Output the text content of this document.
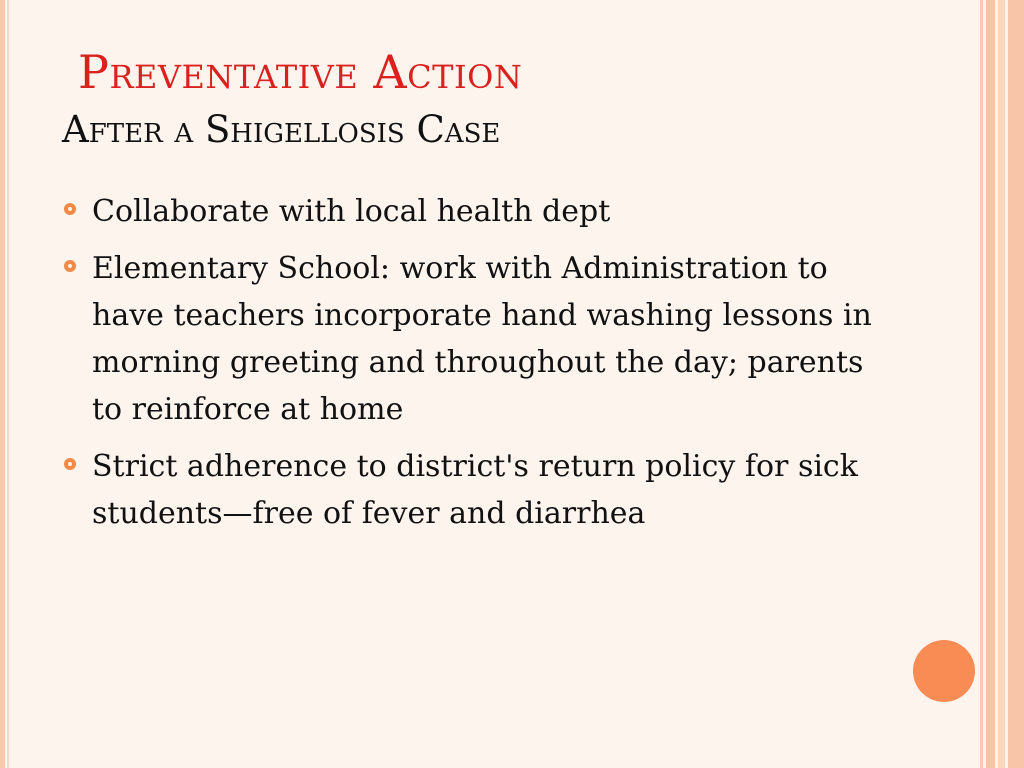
Preventative Action
After a Shigellosis Case
Collaborate with local health dept
Elementary School: work with Administration to have teachers incorporate hand washing lessons in morning greeting and throughout the day; parents to reinforce at home
Strict adherence to district's return policy for sick students—free of fever and diarrhea
